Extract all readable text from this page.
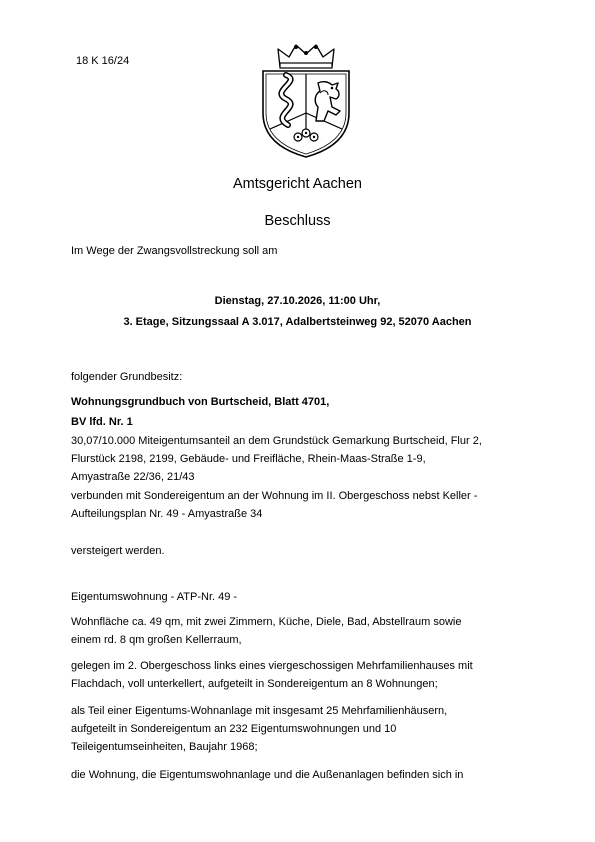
18 K 16/24
Amtsgericht Aachen
Beschluss
Im Wege der Zwangsvollstreckung soll am
Dienstag, 27.10.2026, 11:00 Uhr,
3. Etage, Sitzungssaal A 3.017, Adalbertsteinweg 92, 52070 Aachen
folgender Grundbesitz:
Wohnungsgrundbuch von Burtscheid, Blatt 4701,
BV lfd. Nr. 1
30,07/10.000 Miteigentumsanteil an dem Grundstück Gemarkung Burtscheid, Flur 2,
Flurstück 2198, 2199, Gebäude- und Freifläche, Rhein-Maas-Straße 1-9,
Amyastraße 22/36, 21/43
verbunden mit Sondereigentum an der Wohnung im II. Obergeschoss nebst Keller -
Aufteilungsplan Nr. 49 - Amyastraße 34
versteigert werden.
Eigentumswohnung - ATP-Nr. 49 -
Wohnfläche ca. 49 qm, mit zwei Zimmern, Küche, Diele, Bad, Abstellraum sowie
einem rd. 8 qm großen Kellerraum,
gelegen im 2. Obergeschoss links eines viergeschossigen Mehrfamilienhauses mit
Flachdach, voll unterkellert, aufgeteilt in Sondereigentum an 8 Wohnungen;
als Teil einer Eigentums-Wohnanlage mit insgesamt 25 Mehrfamilienhäusern,
aufgeteilt in Sondereigentum an 232 Eigentumswohnungen und 10
Teileigentumseinheiten, Baujahr 1968;
die Wohnung, die Eigentumswohnanlage und die Außenanlagen befinden sich in
